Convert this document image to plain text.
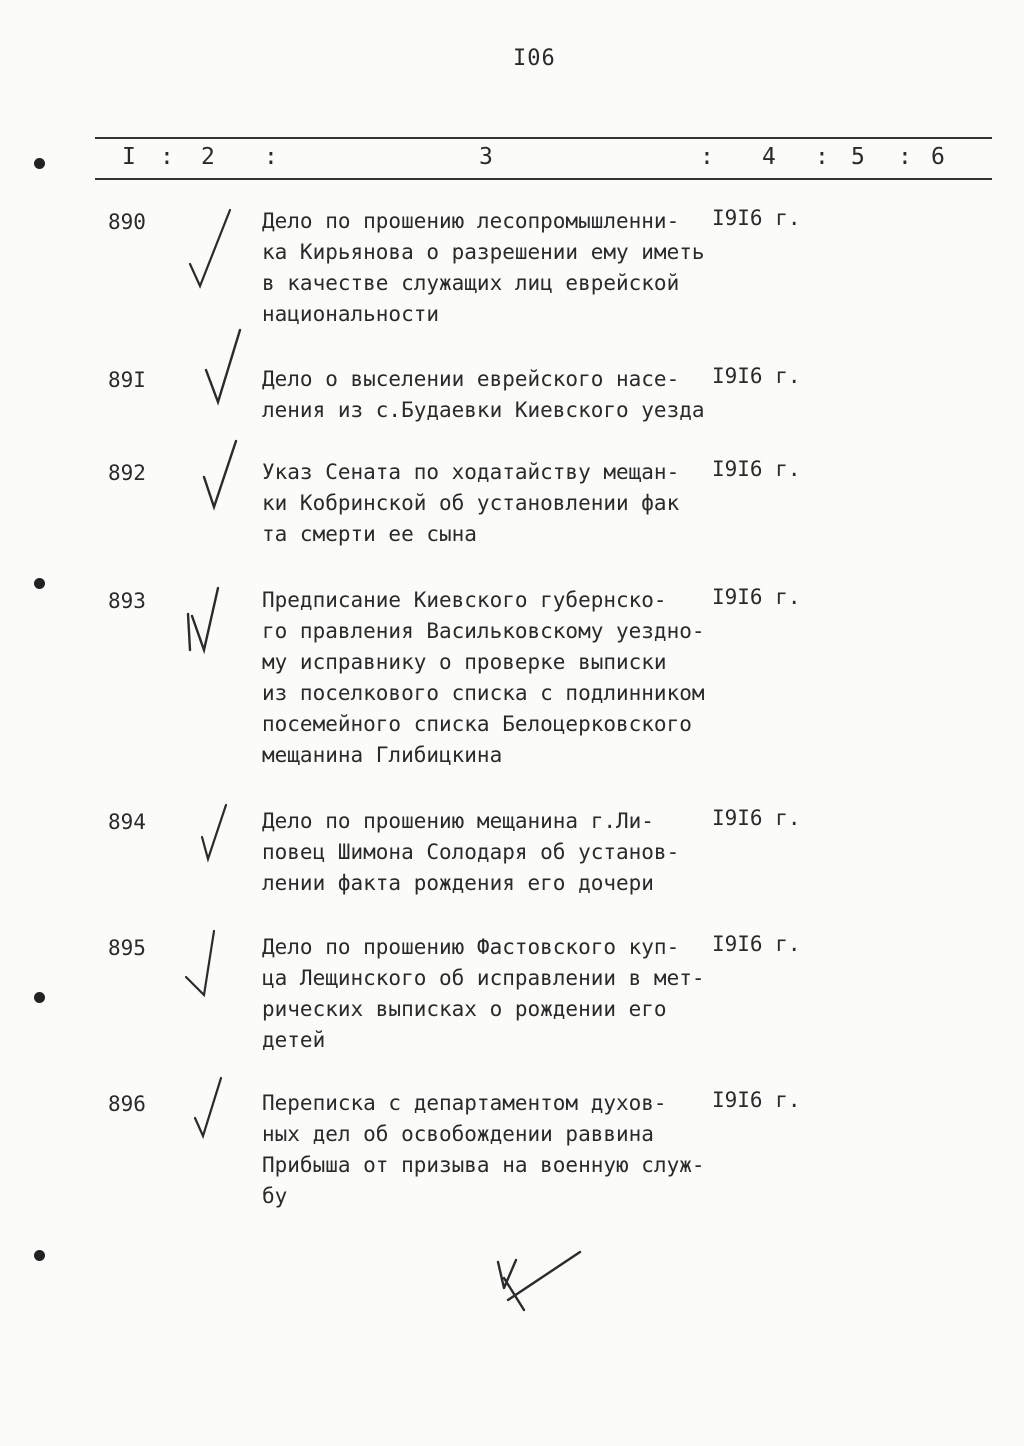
I06
I : 2 :	3	: 4 : 5 : 6
890	Дело по прошению лесопромышленни-
ка Кирьянова о разрешении ему иметь
в качестве служащих лиц еврейской
национальности
I9I6 г.
89I	Дело о выселении еврейского насе-
ления из с.Будаевки Киевского уезда
I9I6 г.
892	Указ Сената по ходатайству мещан-
ки Кобринской об установлении фак
та смерти ее сына
I9I6 г.
893	Предписание Киевского губернско-
го правления Васильковскому уездно-
му исправнику о проверке выписки
из поселкового списка с подлинником
посемейного списка Белоцерковского
мещанина Глибицкина
I9I6 г.
894	Дело по прошению мещанина г.Ли-
повец Шимона Солодаря об установ-
лении факта рождения его дочери
I9I6 г.
895	Дело по прошению Фастовского куп-
ца Лещинского об исправлении в мет-
рических выписках о рождении его
детей
I9I6 г.
896	Переписка с департаментом духов-
ных дел об освобождении раввина
Прибыша от призыва на военную служ-
бу
I9I6 г.
